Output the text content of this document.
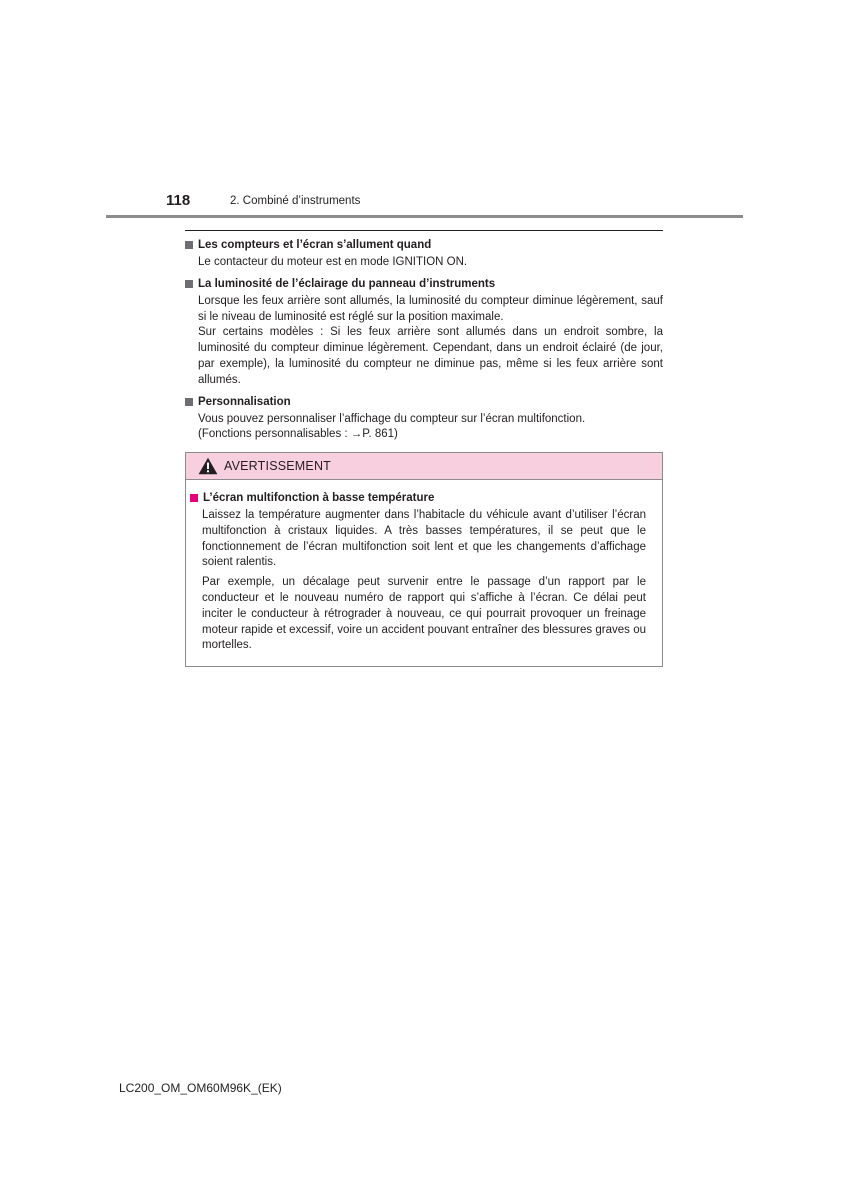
118	2. Combiné d’instruments
Les compteurs et l’écran s’allument quand

Le contacteur du moteur est en mode IGNITION ON.

La luminosité de l’éclairage du panneau d’instruments

Lorsque les feux arrière sont allumés, la luminosité du compteur diminue légèrement, sauf si le niveau de luminosité est réglé sur la position maximale.

Sur certains modèles : Si les feux arrière sont allumés dans un endroit sombre, la luminosité du compteur diminue légèrement. Cependant, dans un endroit éclairé (de jour, par exemple), la luminosité du compteur ne diminue pas, même si les feux arrière sont allumés.

Personnalisation

Vous pouvez personnaliser l’affichage du compteur sur l’écran multifonction.

(Fonctions personnalisables : →P. 861)

AVERTISSEMENT
L’écran multifonction à basse température

Laissez la température augmenter dans l’habitacle du véhicule avant d’utiliser l’écran multifonction à cristaux liquides. A très basses températures, il se peut que le fonctionnement de l’écran multifonction soit lent et que les changements d’affichage soient ralentis.

Par exemple, un décalage peut survenir entre le passage d’un rapport par le conducteur et le nouveau numéro de rapport qui s’affiche à l’écran. Ce délai peut inciter le conducteur à rétrograder à nouveau, ce qui pourrait provoquer un freinage moteur rapide et excessif, voire un accident pouvant entraîner des blessures graves ou mortelles.

LC200_OM_OM60M96K_(EK)
